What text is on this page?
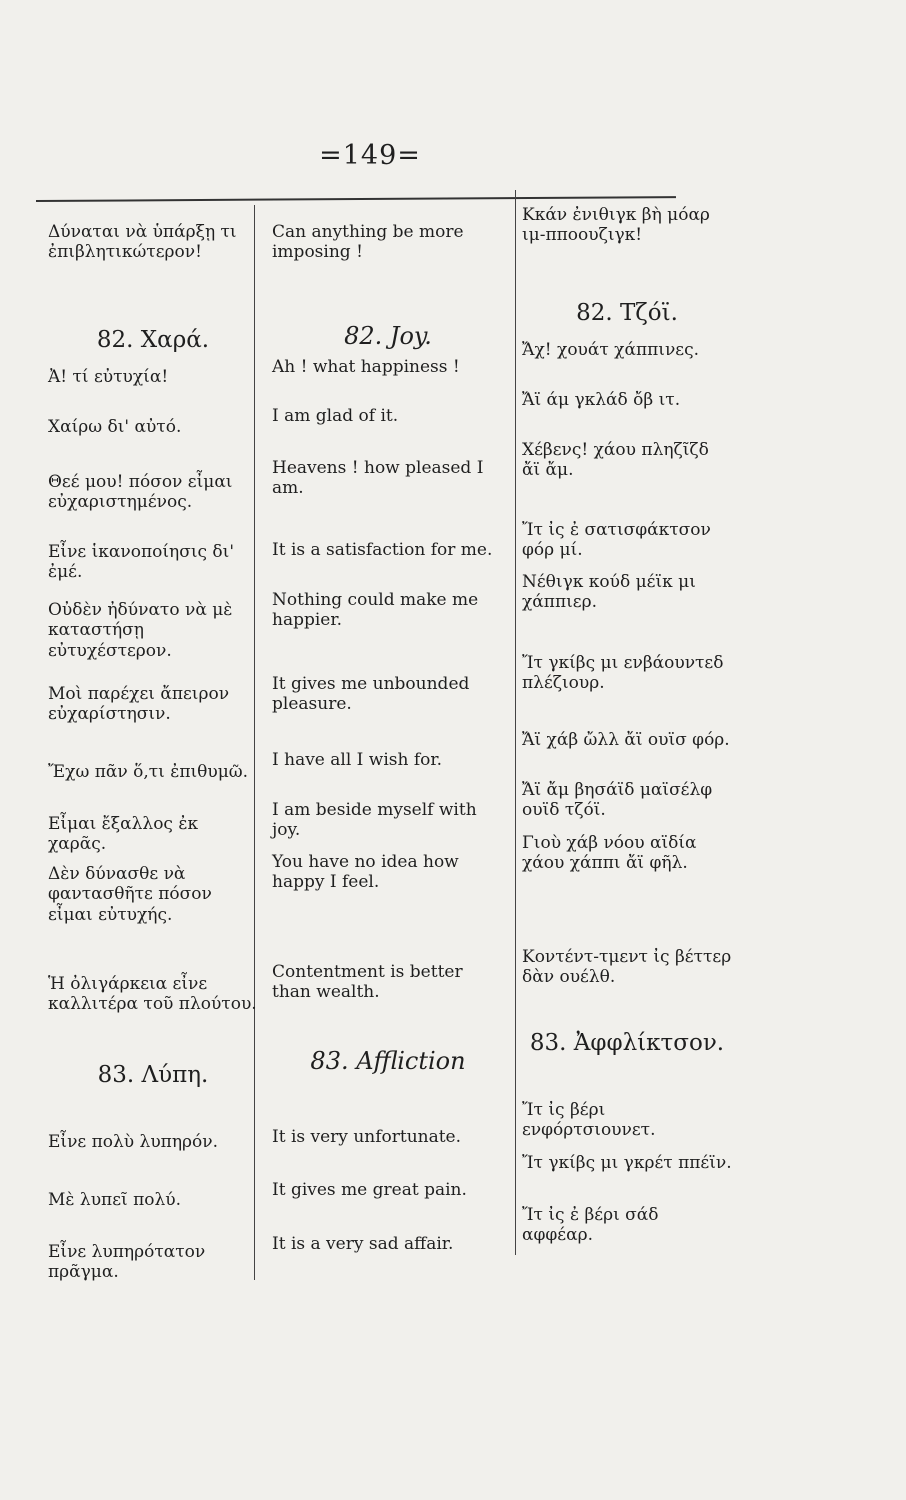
=149=
Δύναται νὰ ὑπάρξῃ τι ἐπιβλητικώτερον!
82. Χαρά.
Ἀ! τί εὐτυχία!
Χαίρω δι' αὐτό.
Θεέ μου! πόσον εἶμαι εὐχαριστημένος.
Εἶνε ἱκανοποίησις δι' ἐμέ.
Οὐδὲν ἠδύνατο νὰ μὲ καταστήσῃ εὐτυχέστερον.
Μοὶ παρέχει ἄπειρον εὐχαρίστησιν.
Ἔχω πᾶν ὅ,τι ἐπιθυμῶ.
Εἶμαι ἔξαλλος ἐκ χαρᾶς.
Δὲν δύνασθε νὰ φαντασθῆτε πόσον εἶμαι εὐτυχής.
Ἡ ὀλιγάρκεια εἶνε καλλιτέρα τοῦ πλούτου.
83. Λύπη.
Εἶνε πολὺ λυπηρόν.
Μὲ λυπεῖ πολύ.
Εἶνε λυπηρότατον πρᾶγμα.
Can anything be more imposing !
82. Joy.
Ah ! what happiness !
I am glad of it.
Heavens ! how pleased I am.
It is a satisfaction for me.
Nothing could make me happier.
It gives me unbounded pleasure.
I have all I wish for.
I am beside myself with joy.
You have no idea how happy I feel.
Contentment is better than wealth.
83. Affliction
It is very unfortunate.
It gives me great pain.
It is a very sad affair.
Κκάν ἐνιθιγκ βὴ μόαρ ιμ-πποουζιγκ!
82. Τζόϊ.
Ἄχ! χουάτ χάππινες.
Ἄϊ άμ γκλάδ ὄβ ιτ.
Χέβενς! χάου πληζῖζδ ἄϊ ἄμ.
Ἴτ ἰς ἐ σατισφάκτσον φόρ μί.
Νέθιγκ κούδ μέϊκ μι χάππιερ.
Ἴτ γκίβς μι ενβάουντεδ πλέζιουρ.
Ἄϊ χάβ ὤλλ ἄϊ ουϊσ φόρ.
Ἄϊ ἄμ βησάϊδ μαϊσέλφ ουϊδ τζόϊ.
Γιοὺ χάβ νόου αϊδία χάου χάππι ἄϊ φῆλ.
Κοντέντ-τμεντ ἰς βέττερ δὰν ουέλθ.
83. Ἀφφλίκτσον.
Ἴτ ἰς βέρι ενφόρτσιουνετ.
Ἴτ γκίβς μι γκρέτ ππέϊν.
Ἴτ ἰς ἐ βέρι σάδ αφφέαρ.
